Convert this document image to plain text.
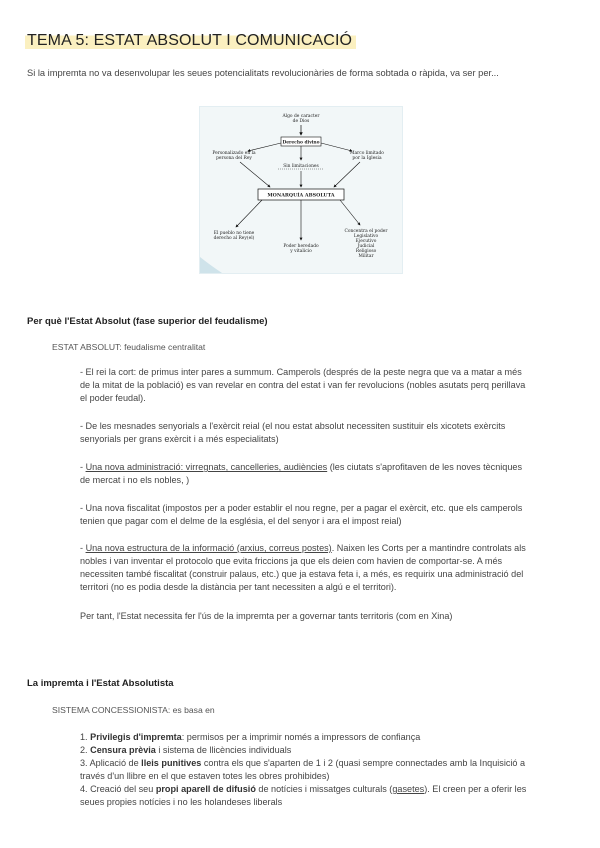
TEMA 5: ESTAT ABSOLUT I COMUNICACIÓ
Si la impremta no va desenvolupar les seues potencialitats revolucionàries de forma sobtada o ràpida, va ser per...
Algo de caracter
de Dios
Derecho divino
Personalizado en la
persona del Rey
Marco limitado
por la Iglesia
Sin limitaciones
MONARQUÍA ABSOLUTA
El pueblo no tiene
derecho al Rey(el)
Poder heredado
y vitalicio
Concentra el poder
Legislativo
Ejecutivo
Judicial
Religioso
Militar
Per què l'Estat Absolut (fase superior del feudalisme)
ESTAT ABSOLUT: feudalisme centralitat
- El rei la cort: de primus inter pares a summum. Camperols (després de la peste negra que va a matar a més
de la mitat de la població) es van revelar en contra del estat i van fer revolucions (nobles asutats perq perillava
el poder feudal).
- De les mesnades senyorials a l'exèrcit reial (el nou estat absolut necessiten sustituir els xicotets exèrcits
senyorials per grans exèrcit i a més especialitats)
- Una nova administració: virregnats, cancelleries, audiències (les ciutats s'aprofitaven de les noves tècniques
de mercat i no els nobles, )
- Una nova fiscalitat (impostos per a poder establir el nou regne, per a pagar el exèrcit, etc. que els camperols
tenien que pagar com el delme de la església, el del senyor i ara el impost reial)
- Una nova estructura de la informació (arxius, correus postes). Naixen les Corts per a mantindre controlats als
nobles i van inventar el protocolo que evita friccions ja que els deien com havien de comportar-se. A més
necessiten també fiscalitat (construir palaus, etc.) que ja estava feta i, a més, es requirix una administració del
territori (no es podia desde la distància per tant necessiten a algú e el territori).
Per tant, l'Estat necessita fer l'ús de la impremta per a governar tants territoris (com en Xina)
La impremta i l'Estat Absolutista
SISTEMA CONCESSIONISTA: es basa en
1. Privilegis d'impremta: permisos per a imprimir només a impressors de confiança
2. Censura prèvia i sistema de llicències individuals
3. Aplicació de lleis punitives contra els que s'aparten de 1 i 2 (quasi sempre connectades amb la Inquisició a
través d'un llibre en el que estaven totes les obres prohibides)
4. Creació del seu propi aparell de difusió de notícies i missatges culturals (gasetes). El creen per a oferir les
seues propies notícies i no les holandeses liberals
